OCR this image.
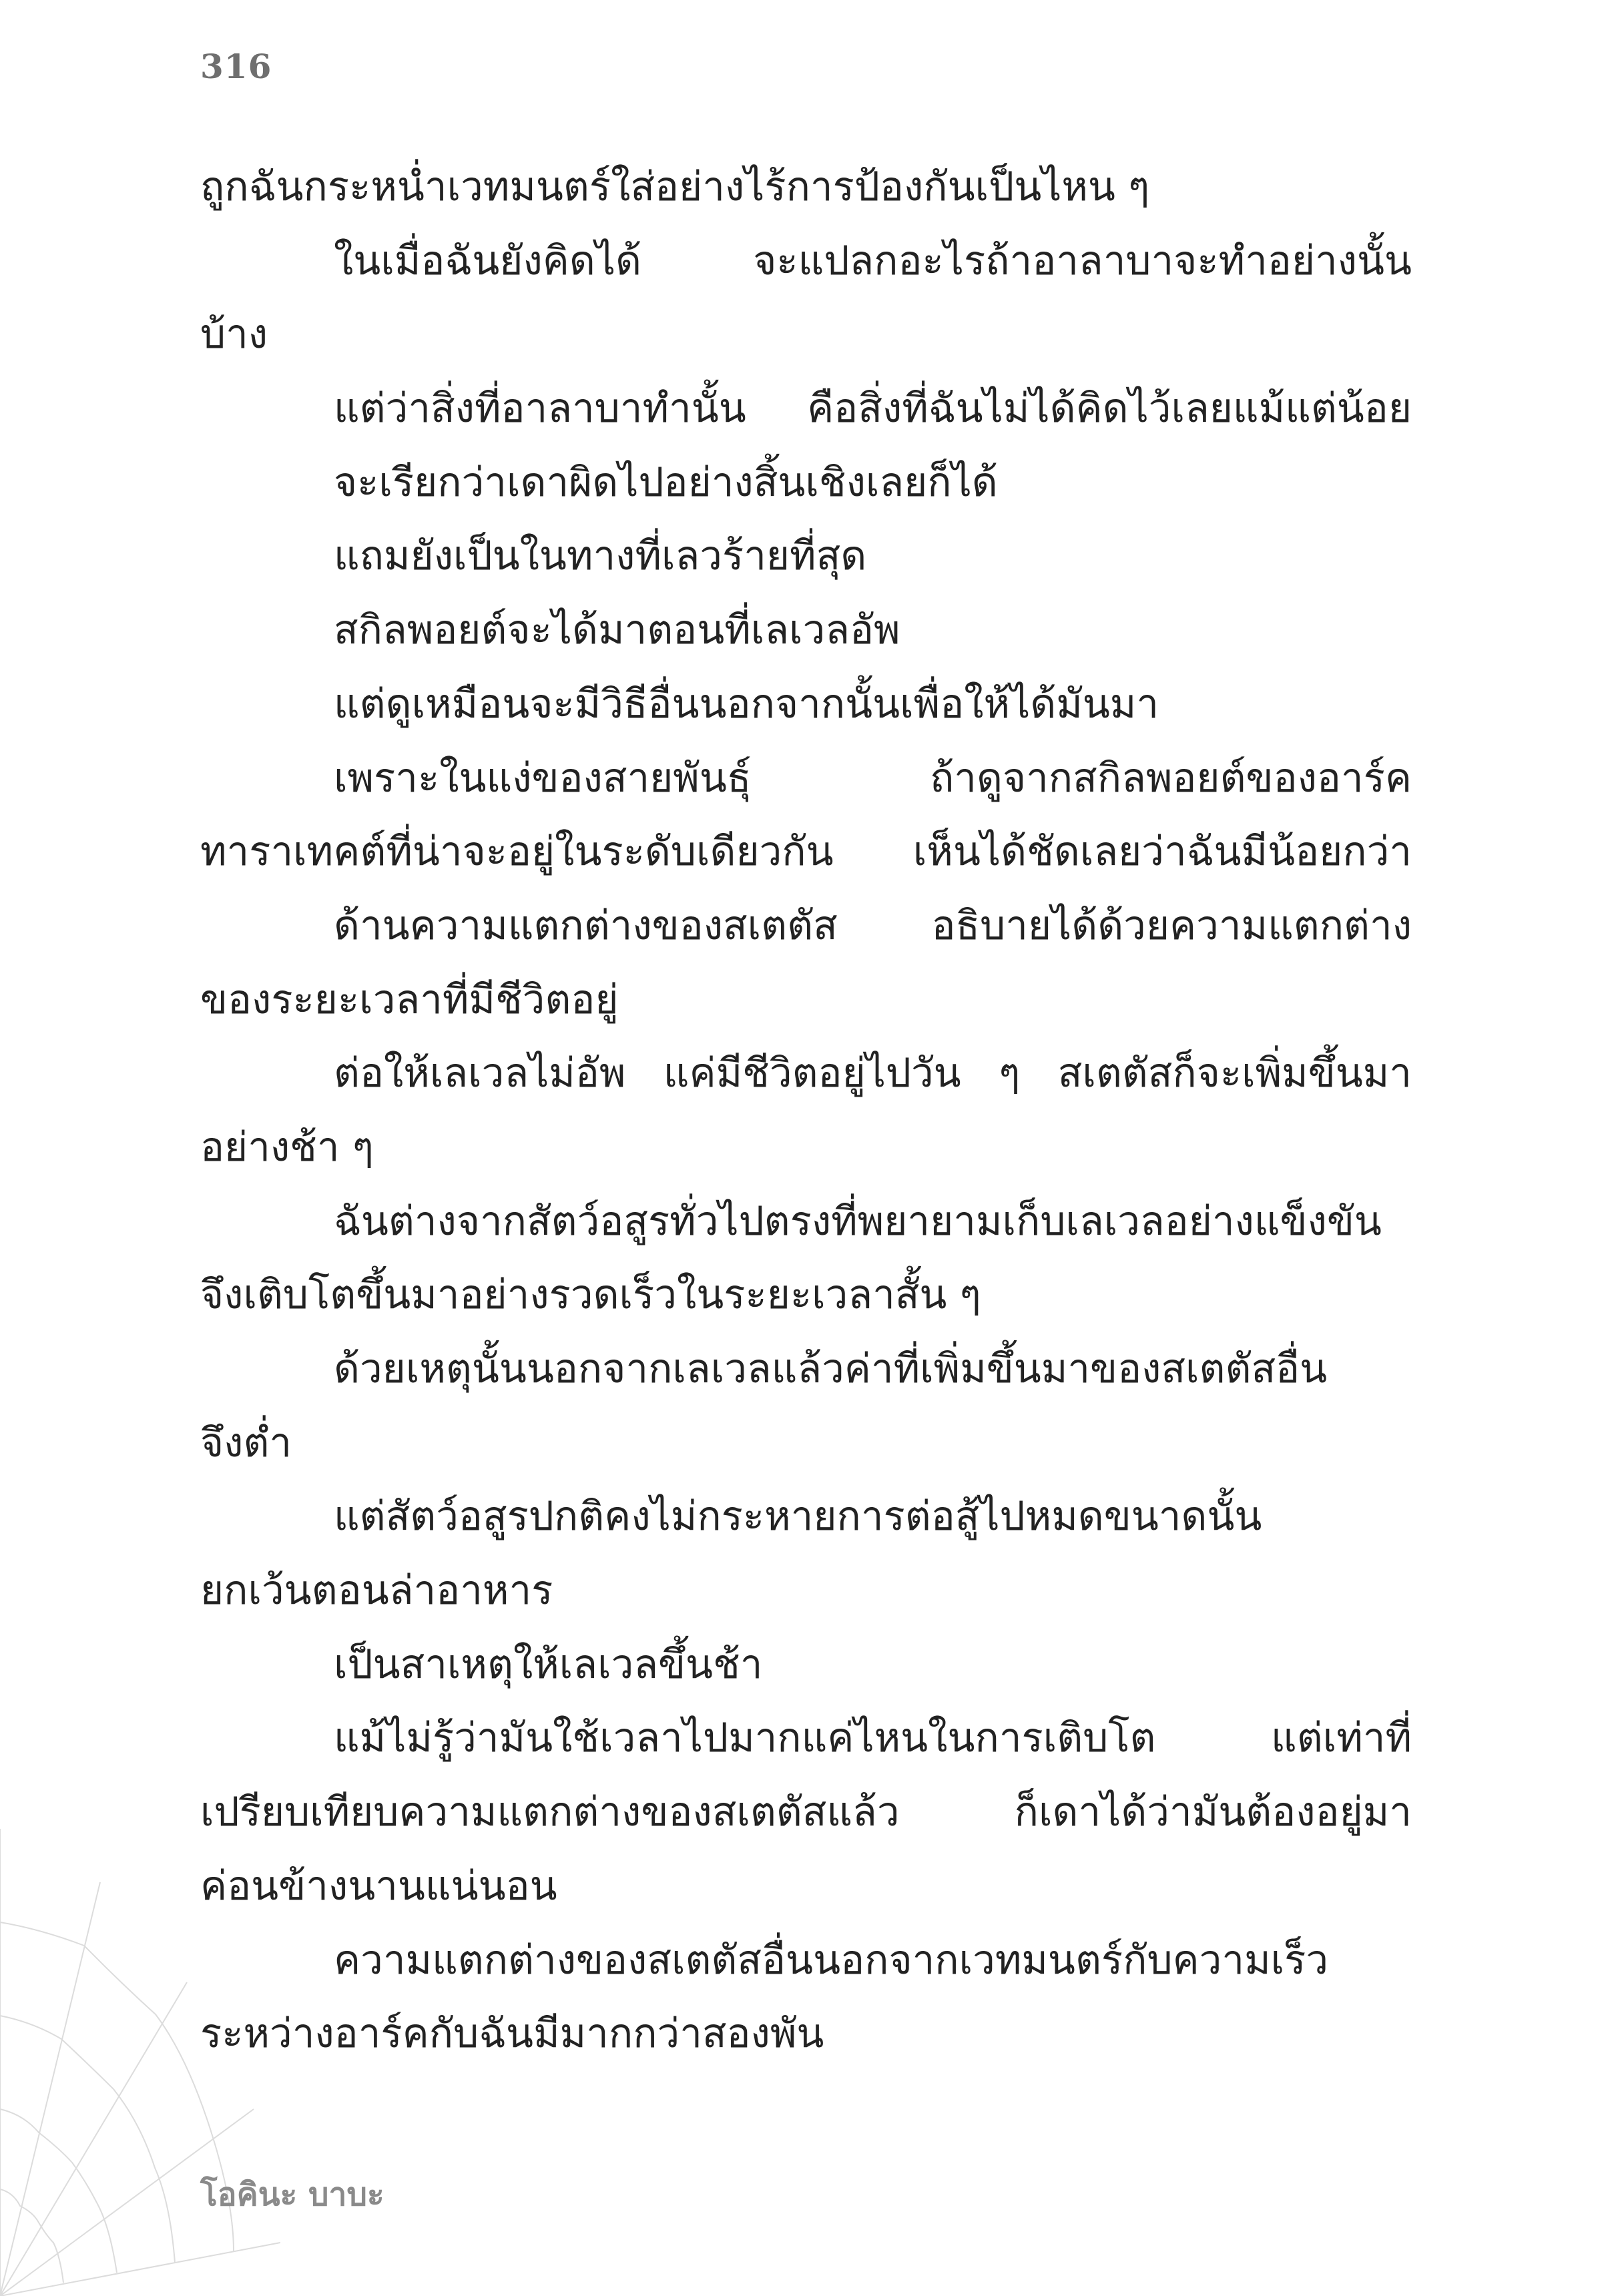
316
ถูกฉันกระหน่ำเวทมนตร์ใส่อย่างไร้การป้องกันเป็นไหน ๆ
ในเมื่อฉันยังคิดได้ จะแปลกอะไรถ้าอาลาบาจะทำอย่างนั้น
บ้าง
แต่ว่าสิ่งที่อาลาบาทำนั้น คือสิ่งที่ฉันไม่ได้คิดไว้เลยแม้แต่น้อย
จะเรียกว่าเดาผิดไปอย่างสิ้นเชิงเลยก็ได้
แถมยังเป็นในทางที่เลวร้ายที่สุด
สกิลพอยต์จะได้มาตอนที่เลเวลอัพ
แต่ดูเหมือนจะมีวิธีอื่นนอกจากนั้นเพื่อให้ได้มันมา
เพราะในแง่ของสายพันธุ์ ถ้าดูจากสกิลพอยต์ของอาร์ค
ทาราเทคต์ที่น่าจะอยู่ในระดับเดียวกัน เห็นได้ชัดเลยว่าฉันมีน้อยกว่า
ด้านความแตกต่างของสเตตัส อธิบายได้ด้วยความแตกต่าง
ของระยะเวลาที่มีชีวิตอยู่
ต่อให้เลเวลไม่อัพ แค่มีชีวิตอยู่ไปวัน ๆ สเตตัสก็จะเพิ่มขึ้นมา
อย่างช้า ๆ
ฉันต่างจากสัตว์อสูรทั่วไปตรงที่พยายามเก็บเลเวลอย่างแข็งขัน
จึงเติบโตขึ้นมาอย่างรวดเร็วในระยะเวลาสั้น ๆ
ด้วยเหตุนั้นนอกจากเลเวลแล้วค่าที่เพิ่มขึ้นมาของสเตตัสอื่น
จึงต่ำ
แต่สัตว์อสูรปกติคงไม่กระหายการต่อสู้ไปหมดขนาดนั้น
ยกเว้นตอนล่าอาหาร
เป็นสาเหตุให้เลเวลขึ้นช้า
แม้ไม่รู้ว่ามันใช้เวลาไปมากแค่ไหนในการเติบโต แต่เท่าที่
เปรียบเทียบความแตกต่างของสเตตัสแล้ว ก็เดาได้ว่ามันต้องอยู่มา
ค่อนข้างนานแน่นอน
ความแตกต่างของสเตตัสอื่นนอกจากเวทมนตร์กับความเร็ว
ระหว่างอาร์คกับฉันมีมากกว่าสองพัน
โอคินะ บาบะ
